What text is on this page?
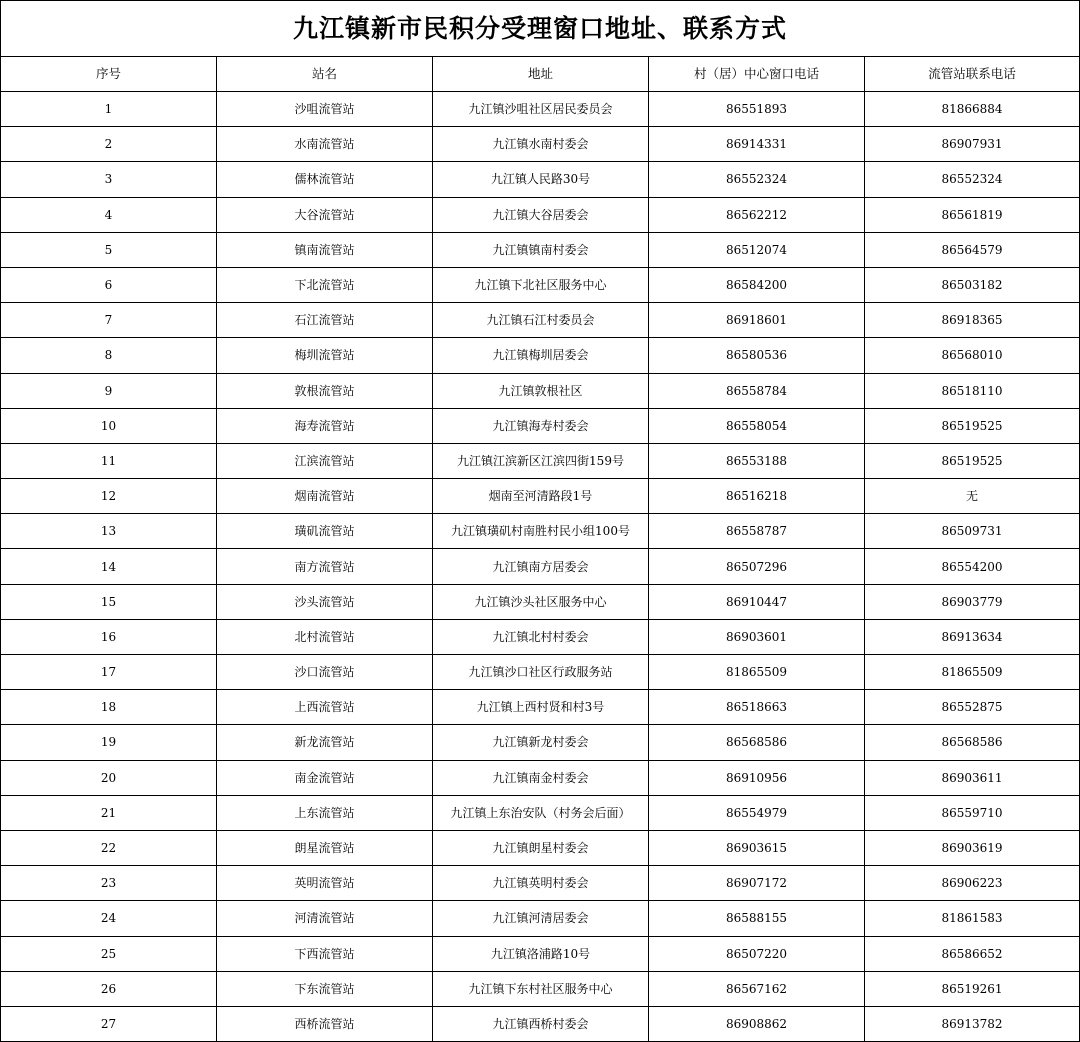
九江镇新市民积分受理窗口地址、联系方式				
序号	站名	地址	村（居）中心窗口电话	流管站联系电话
1	沙咀流管站	九江镇沙咀社区居民委员会	86551893	81866884
2	水南流管站	九江镇水南村委会	86914331	86907931
3	儒林流管站	九江镇人民路30号	86552324	86552324
4	大谷流管站	九江镇大谷居委会	86562212	86561819
5	镇南流管站	九江镇镇南村委会	86512074	86564579
6	下北流管站	九江镇下北社区服务中心	86584200	86503182
7	石江流管站	九江镇石江村委员会	86918601	86918365
8	梅圳流管站	九江镇梅圳居委会	86580536	86568010
9	敦根流管站	九江镇敦根社区	86558784	86518110
10	海寿流管站	九江镇海寿村委会	86558054	86519525
11	江滨流管站	九江镇江滨新区江滨四街159号	86553188	86519525
12	烟南流管站	烟南至河清路段1号	86516218	无
13	璜矶流管站	九江镇璜矶村南胜村民小组100号	86558787	86509731
14	南方流管站	九江镇南方居委会	86507296	86554200
15	沙头流管站	九江镇沙头社区服务中心	86910447	86903779
16	北村流管站	九江镇北村村委会	86903601	86913634
17	沙口流管站	九江镇沙口社区行政服务站	81865509	81865509
18	上西流管站	九江镇上西村贤和村3号	86518663	86552875
19	新龙流管站	九江镇新龙村委会	86568586	86568586
20	南金流管站	九江镇南金村委会	86910956	86903611
21	上东流管站	九江镇上东治安队（村务会后面）	86554979	86559710
22	朗星流管站	九江镇朗星村委会	86903615	86903619
23	英明流管站	九江镇英明村委会	86907172	86906223
24	河清流管站	九江镇河清居委会	86588155	81861583
25	下西流管站	九江镇洛浦路10号	86507220	86586652
26	下东流管站	九江镇下东村社区服务中心	86567162	86519261
27	西桥流管站	九江镇西桥村委会	86908862	86913782
